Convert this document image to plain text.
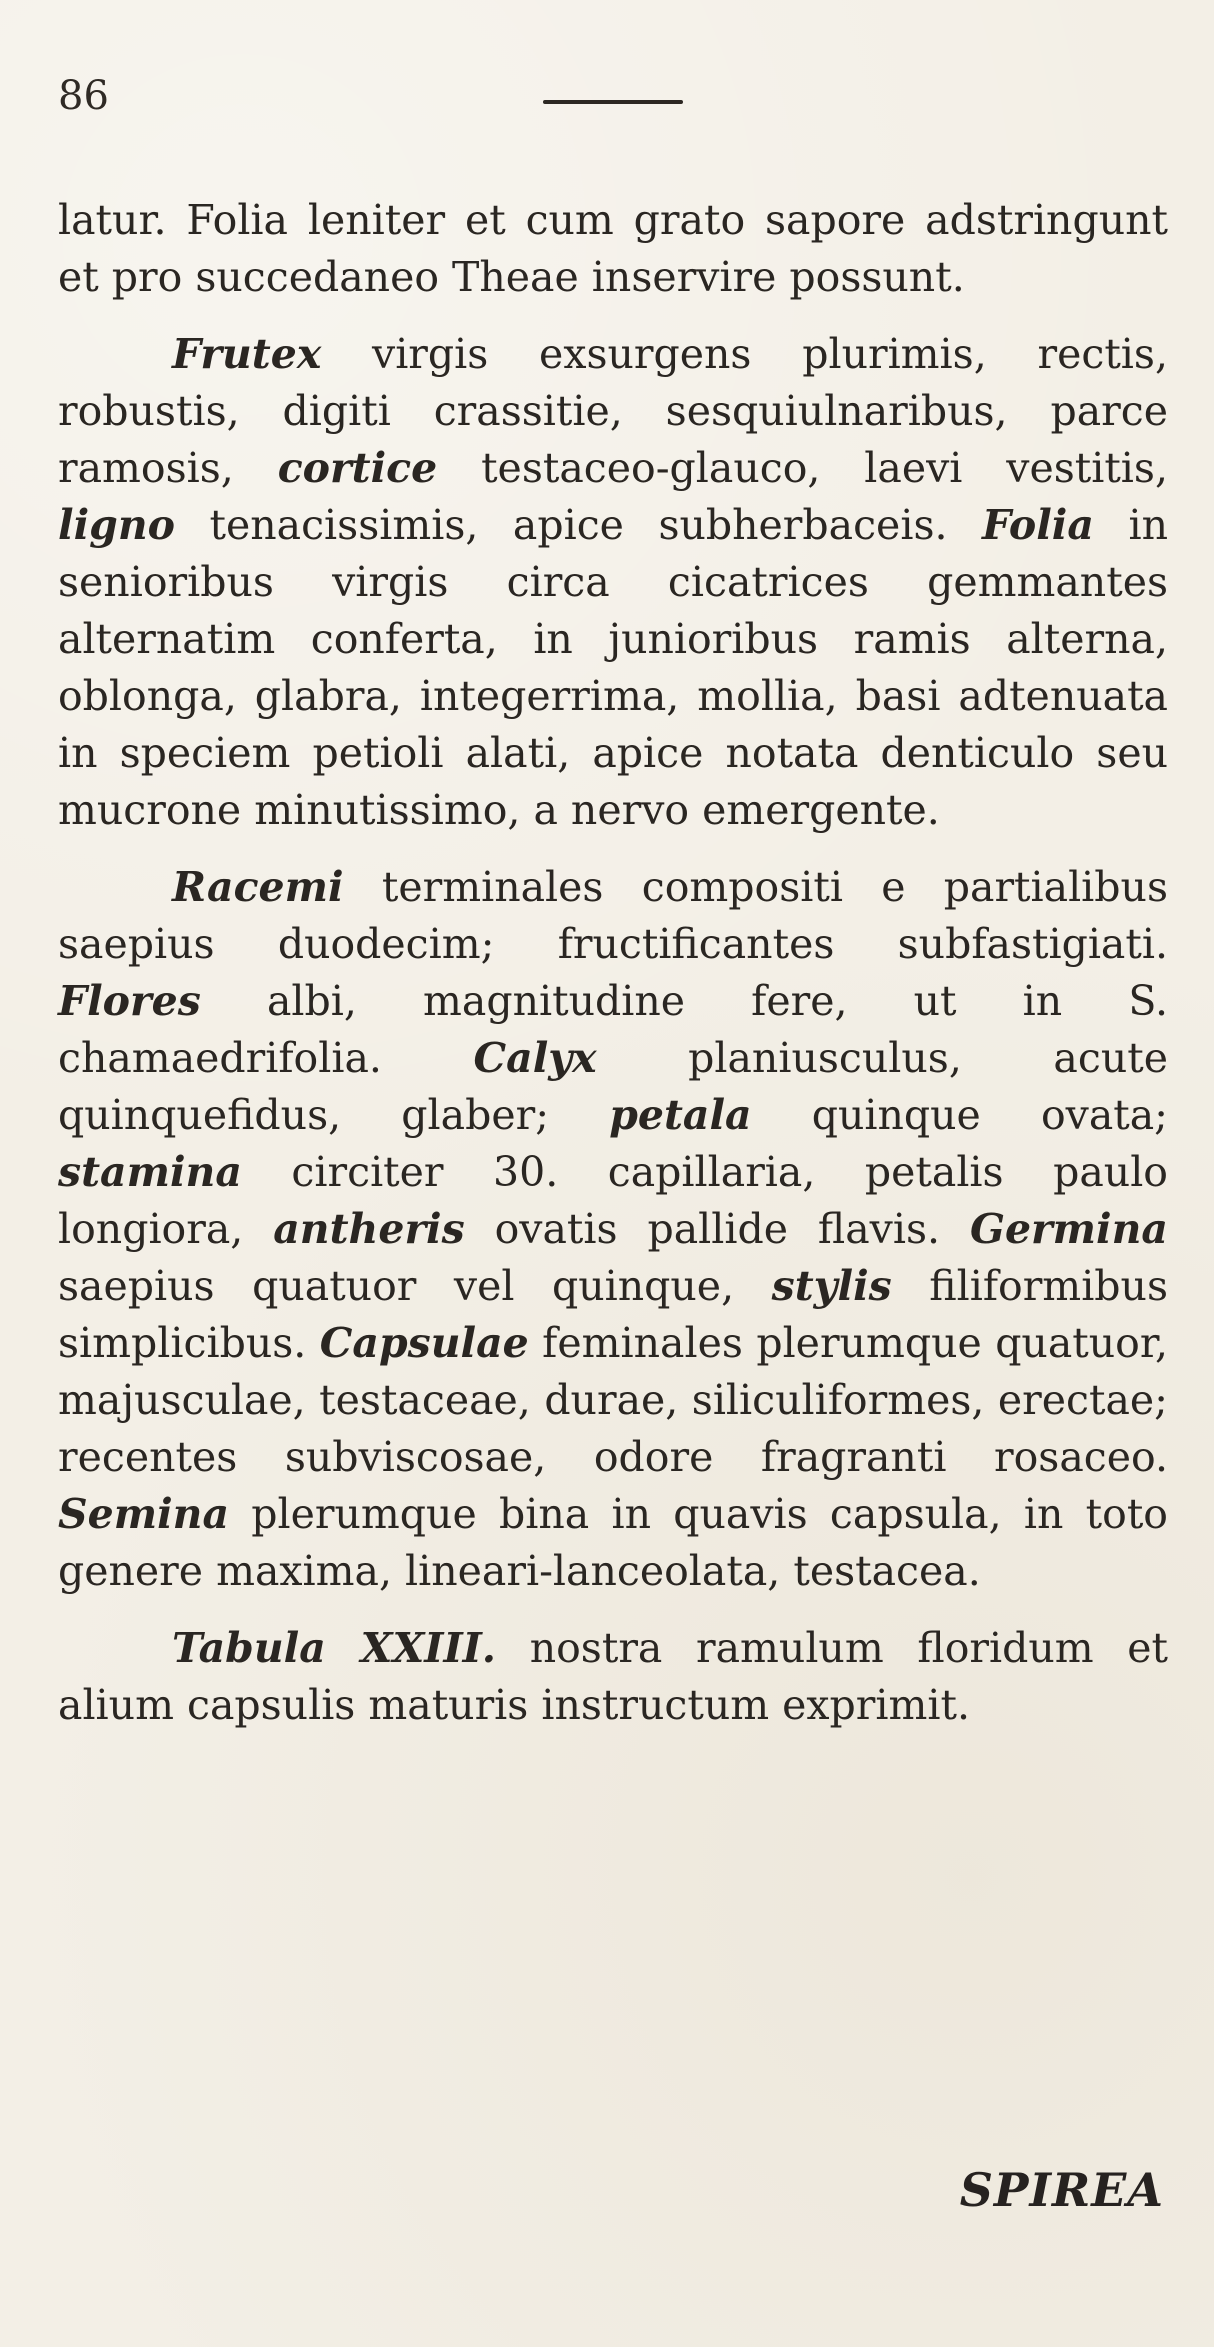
86

latur. Folia leniter et cum grato sapore adstringunt et pro succedaneo Theae inservire possunt.

Frutex virgis exsurgens plurimis, rectis, robustis, digiti crassitie, sesquiulnaribus, parce ramosis, cortice testaceo-glauco, laevi vestitis, ligno tenacissimis, apice subherbaceis. Folia in senioribus virgis circa cicatrices gemmantes alternatim conferta, in junioribus ramis alterna, oblonga, glabra, integerrima, mollia, basi adtenuata in speciem petioli alati, apice notata denticulo seu mucrone minutissimo, a nervo emergente.

Racemi terminales compositi e partialibus saepius duodecim; fructificantes subfastigiati. Flores albi, magnitudine fere, ut in S. chamaedrifolia. Calyx planiusculus, acute quinquefidus, glaber; petala quinque ovata; stamina circiter 30. capillaria, petalis paulo longiora, antheris ovatis pallide flavis. Germina saepius quatuor vel quinque, stylis filiformibus simplicibus. Capsulae feminales plerumque quatuor, majusculae, testaceae, durae, siliculiformes, erectae; recentes subviscosae, odore fragranti rosaceo. Semina plerumque bina in quavis capsula, in toto genere maxima, lineari-lanceolata, testacea.

Tabula XXIII. nostra ramulum floridum et alium capsulis maturis instructum exprimit.

SPIREA
